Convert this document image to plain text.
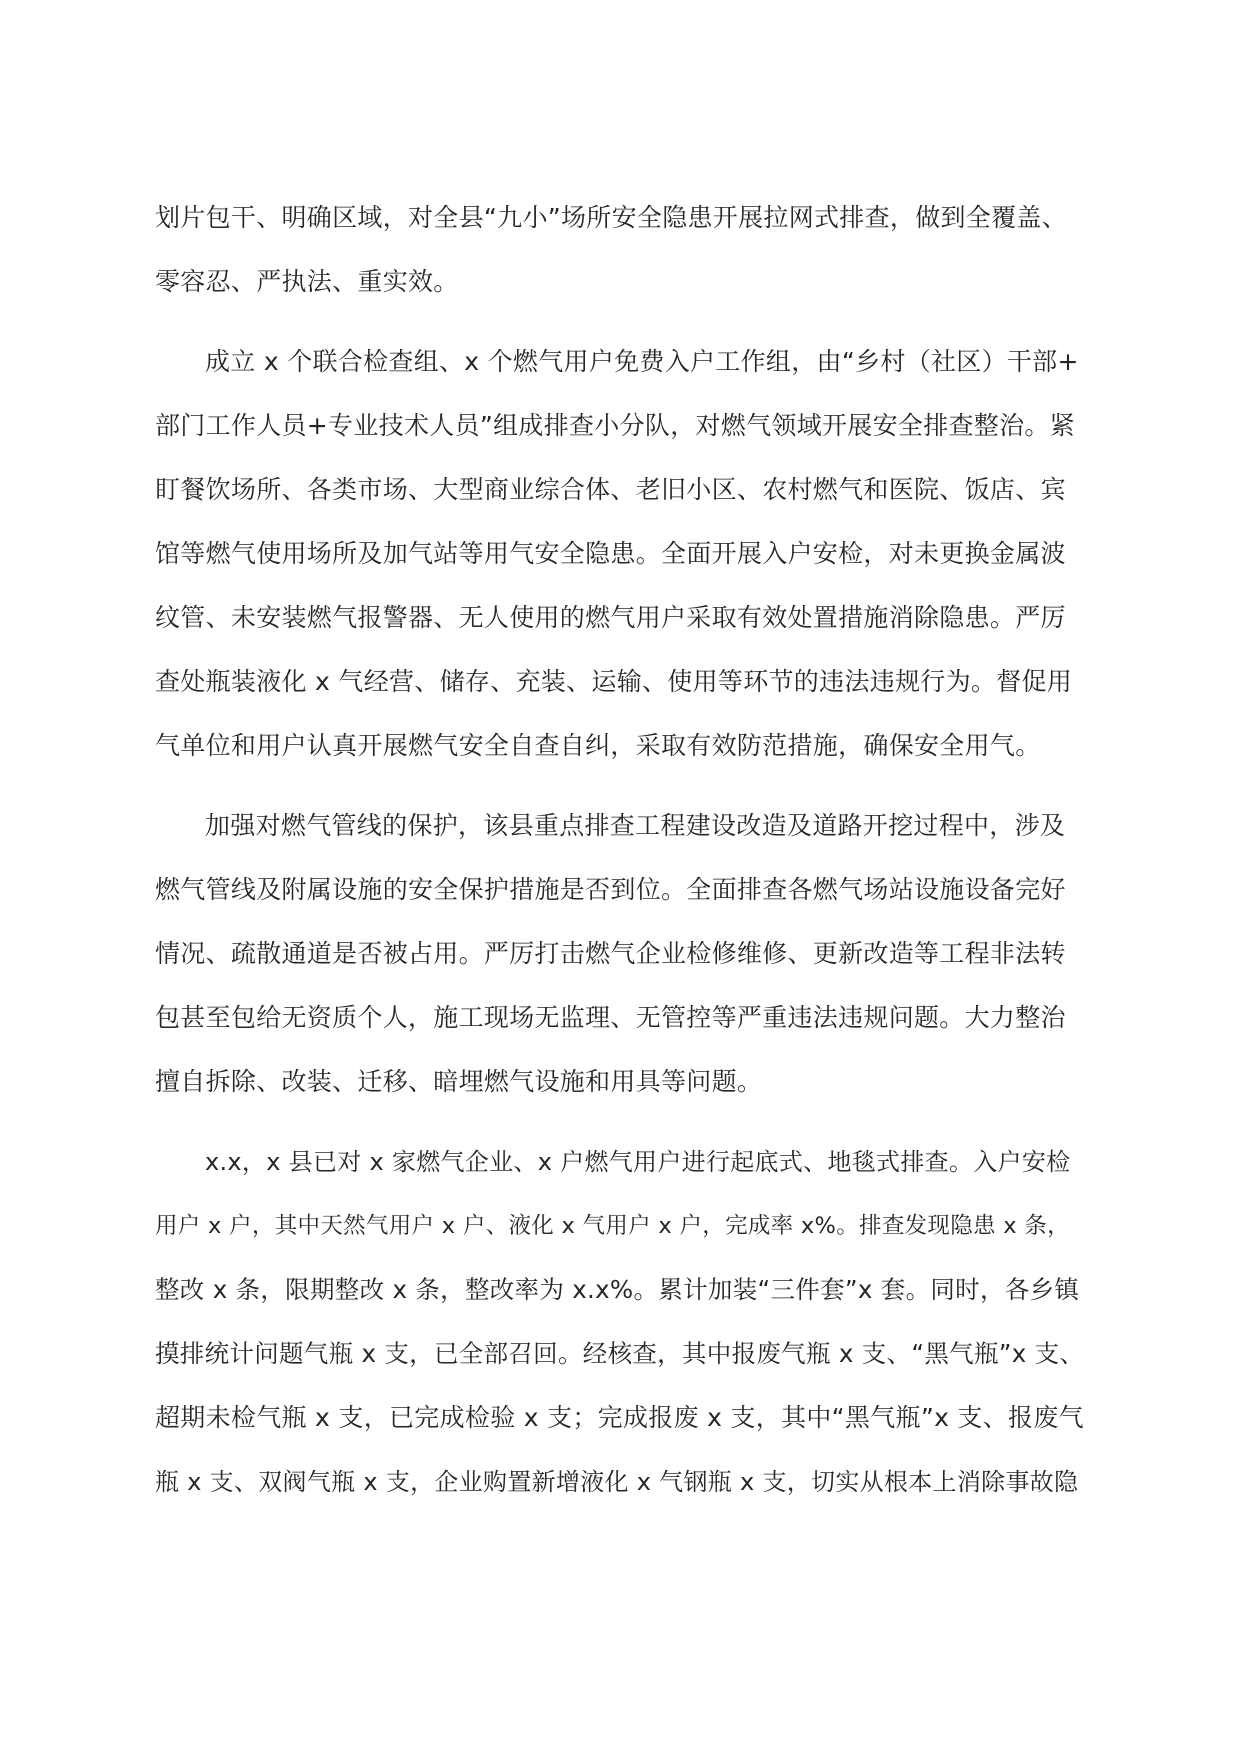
划片包干、明确区域，对全县“九小”场所安全隐患开展拉网式排查，做到全覆盖、
零容忍、严执法、重实效。
成立 x 个联合检查组、x 个燃气用户免费入户工作组，由“乡村（社区）干部+
部门工作人员+专业技术人员”组成排查小分队，对燃气领域开展安全排查整治。紧
盯餐饮场所、各类市场、大型商业综合体、老旧小区、农村燃气和医院、饭店、宾
馆等燃气使用场所及加气站等用气安全隐患。全面开展入户安检，对未更换金属波
纹管、未安装燃气报警器、无人使用的燃气用户采取有效处置措施消除隐患。严厉
查处瓶装液化 x 气经营、储存、充装、运输、使用等环节的违法违规行为。督促用
气单位和用户认真开展燃气安全自查自纠，采取有效防范措施，确保安全用气。
加强对燃气管线的保护，该县重点排查工程建设改造及道路开挖过程中，涉及
燃气管线及附属设施的安全保护措施是否到位。全面排查各燃气场站设施设备完好
情况、疏散通道是否被占用。严厉打击燃气企业检修维修、更新改造等工程非法转
包甚至包给无资质个人，施工现场无监理、无管控等严重违法违规问题。大力整治
擅自拆除、改装、迁移、暗埋燃气设施和用具等问题。
x.x，x 县已对 x 家燃气企业、x 户燃气用户进行起底式、地毯式排查。入户安检
用户 x 户，其中天然气用户 x 户、液化 x 气用户 x 户，完成率 x%。排查发现隐患 x 条，
整改 x 条，限期整改 x 条，整改率为 x.x%。累计加装“三件套”x 套。同时，各乡镇
摸排统计问题气瓶 x 支，已全部召回。经核查，其中报废气瓶 x 支、“黑气瓶”x 支、
超期未检气瓶 x 支，已完成检验 x 支；完成报废 x 支，其中“黑气瓶”x 支、报废气
瓶 x 支、双阀气瓶 x 支，企业购置新增液化 x 气钢瓶 x 支，切实从根本上消除事故隐
